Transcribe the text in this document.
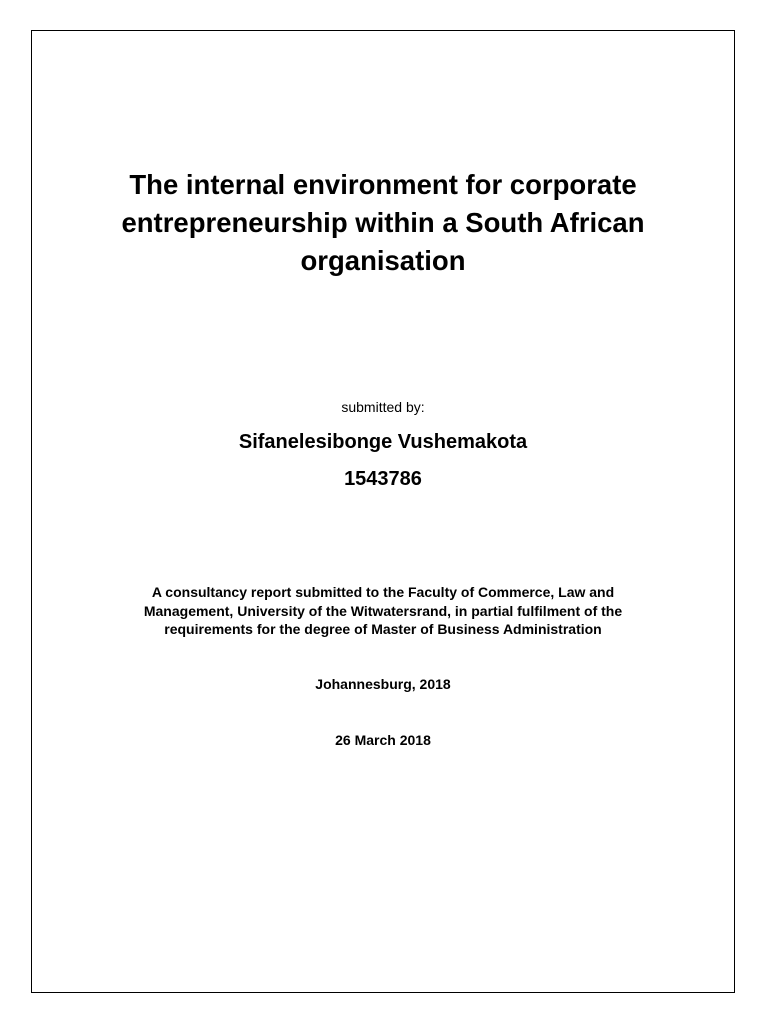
The internal environment for corporate entrepreneurship within a South African organisation
submitted by:
Sifanelesibonge Vushemakota
1543786
A consultancy report submitted to the Faculty of Commerce, Law and Management, University of the Witwatersrand, in partial fulfilment of the requirements for the degree of Master of Business Administration
Johannesburg, 2018
26 March 2018
